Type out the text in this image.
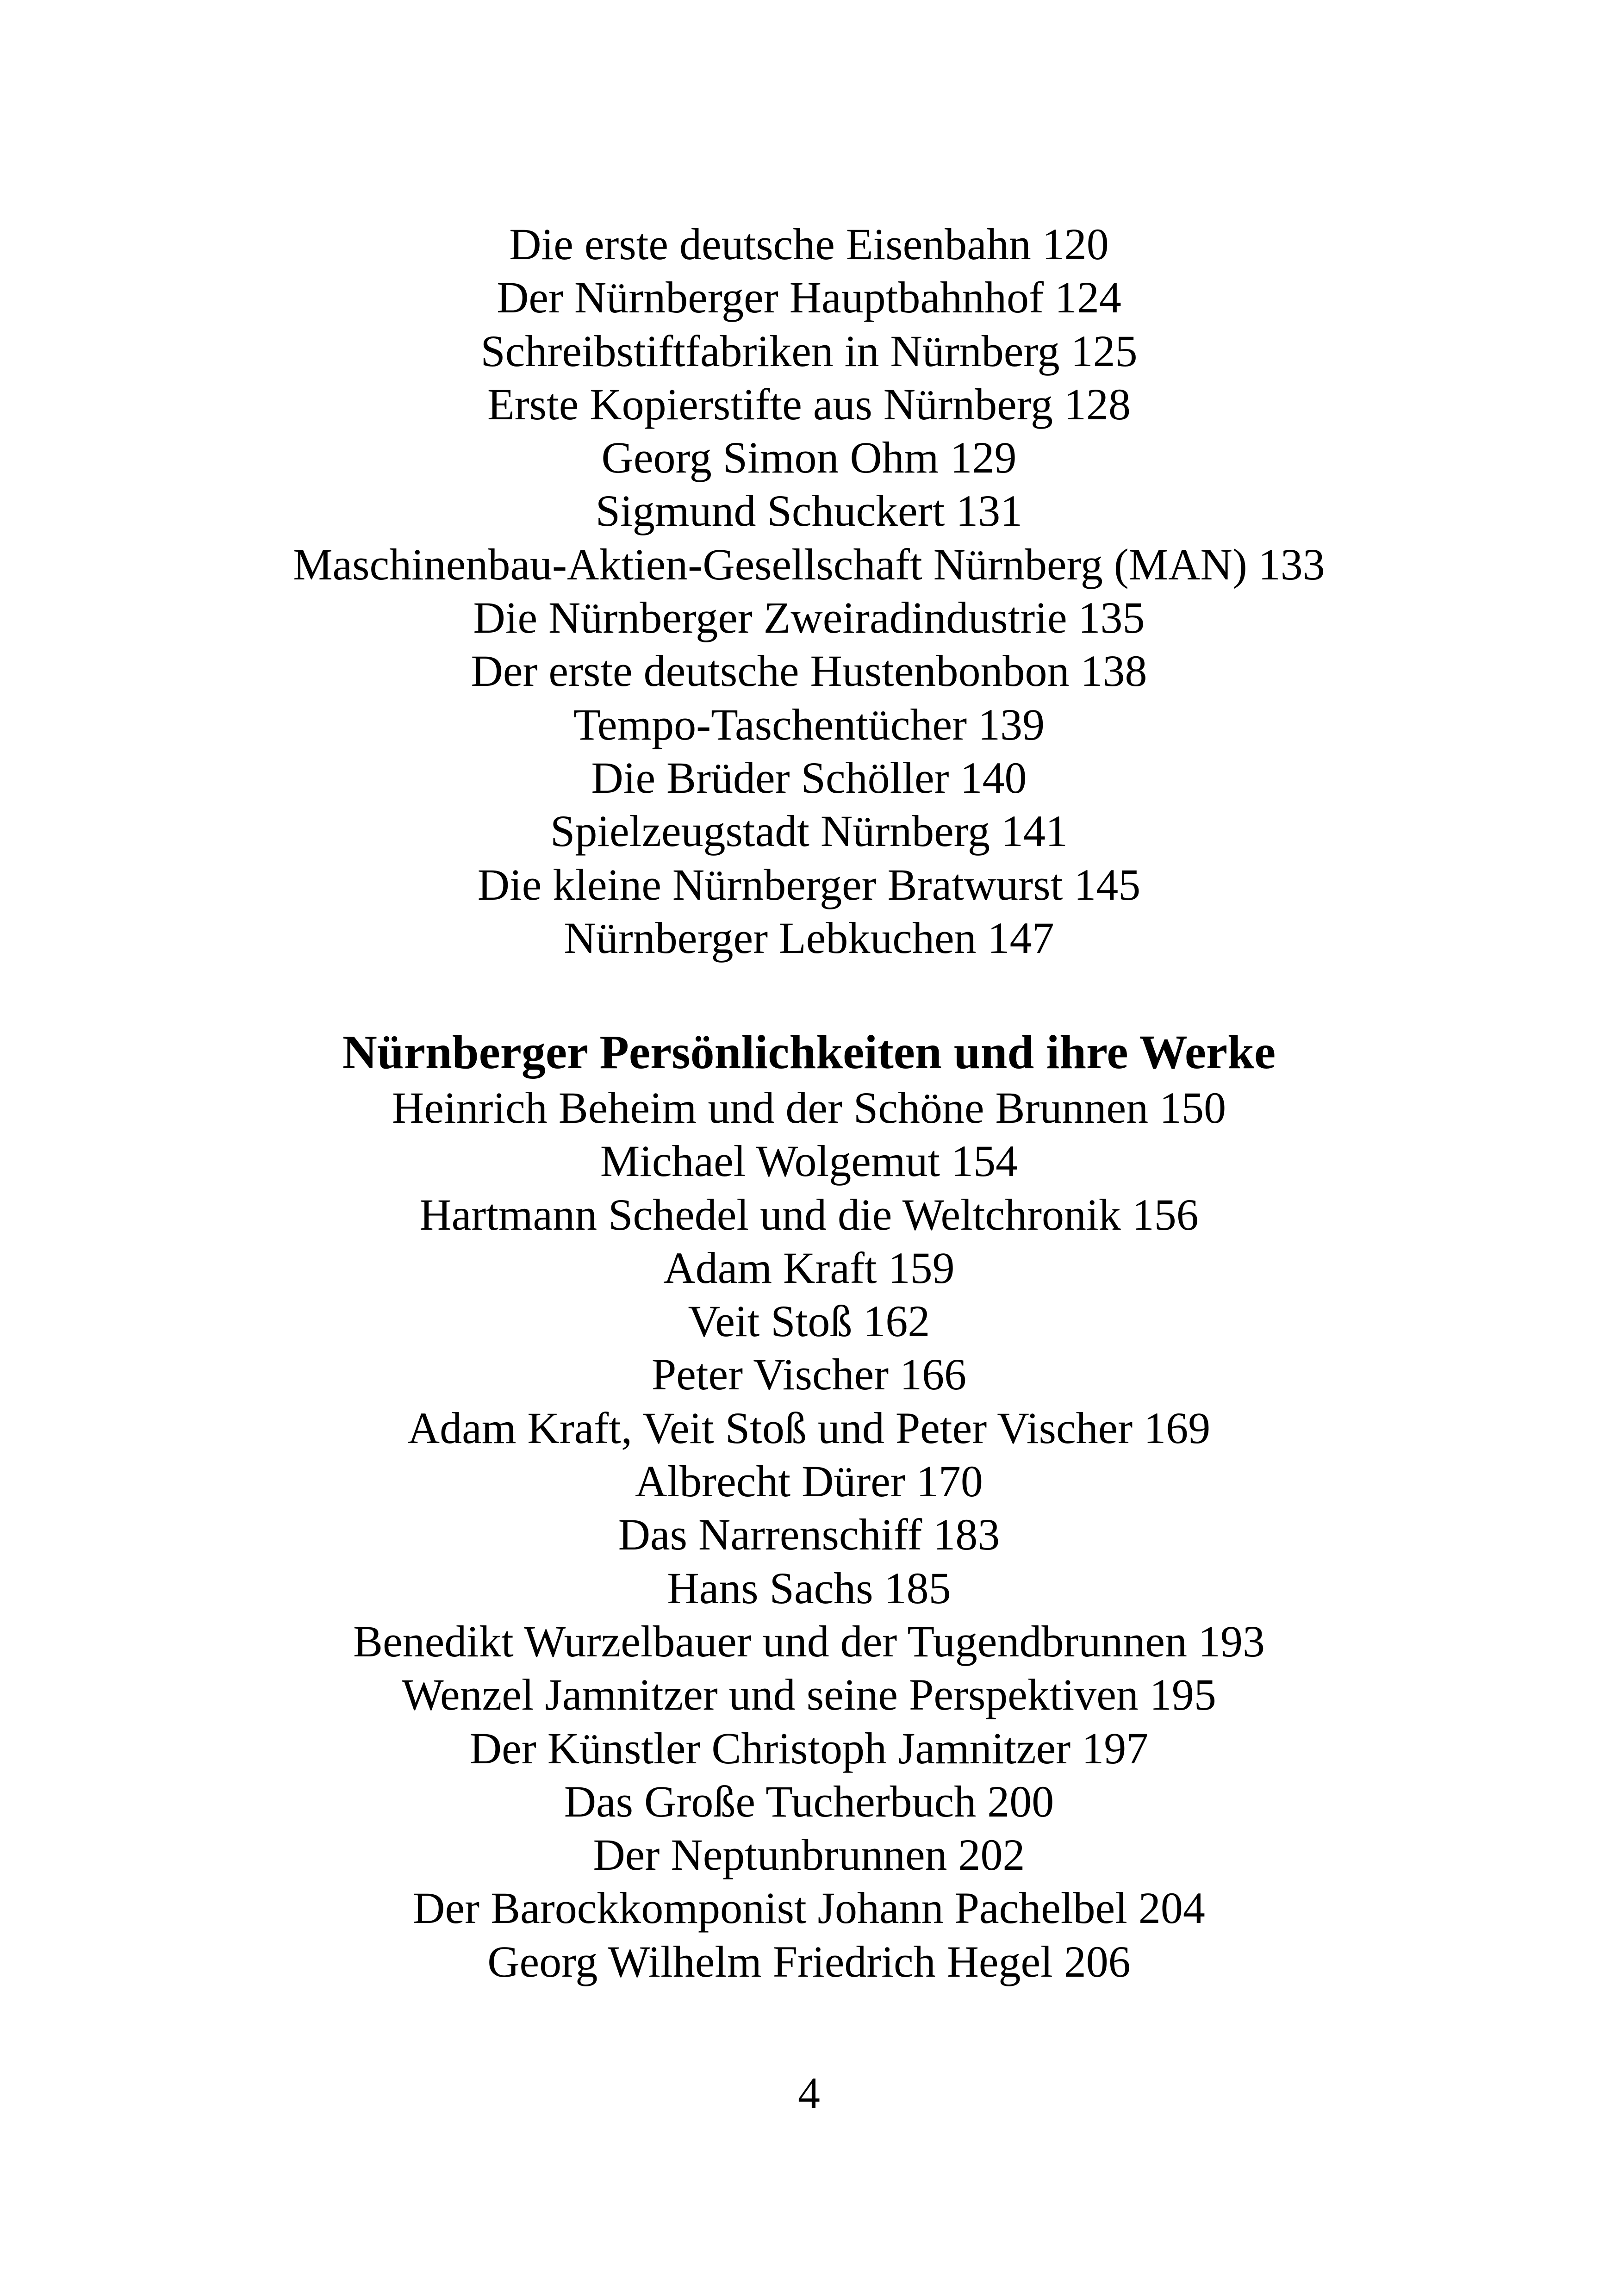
Die erste deutsche Eisenbahn 120
Der Nürnberger Hauptbahnhof 124
Schreibstiftfabriken in Nürnberg 125
Erste Kopierstifte aus Nürnberg 128
Georg Simon Ohm 129
Sigmund Schuckert 131
Maschinenbau-Aktien-Gesellschaft Nürnberg (MAN) 133
Die Nürnberger Zweiradindustrie 135
Der erste deutsche Hustenbonbon 138
Tempo-Taschentücher 139
Die Brüder Schöller 140
Spielzeugstadt Nürnberg 141
Die kleine Nürnberger Bratwurst 145
Nürnberger Lebkuchen 147
Nürnberger Persönlichkeiten und ihre Werke
Heinrich Beheim und der Schöne Brunnen 150
Michael Wolgemut 154
Hartmann Schedel und die Weltchronik 156
Adam Kraft 159
Veit Stoß 162
Peter Vischer 166
Adam Kraft, Veit Stoß und Peter Vischer 169
Albrecht Dürer 170
Das Narrenschiff 183
Hans Sachs 185
Benedikt Wurzelbauer und der Tugendbrunnen 193
Wenzel Jamnitzer und seine Perspektiven 195
Der Künstler Christoph Jamnitzer 197
Das Große Tucherbuch 200
Der Neptunbrunnen 202
Der Barockkomponist Johann Pachelbel 204
Georg Wilhelm Friedrich Hegel 206
4
